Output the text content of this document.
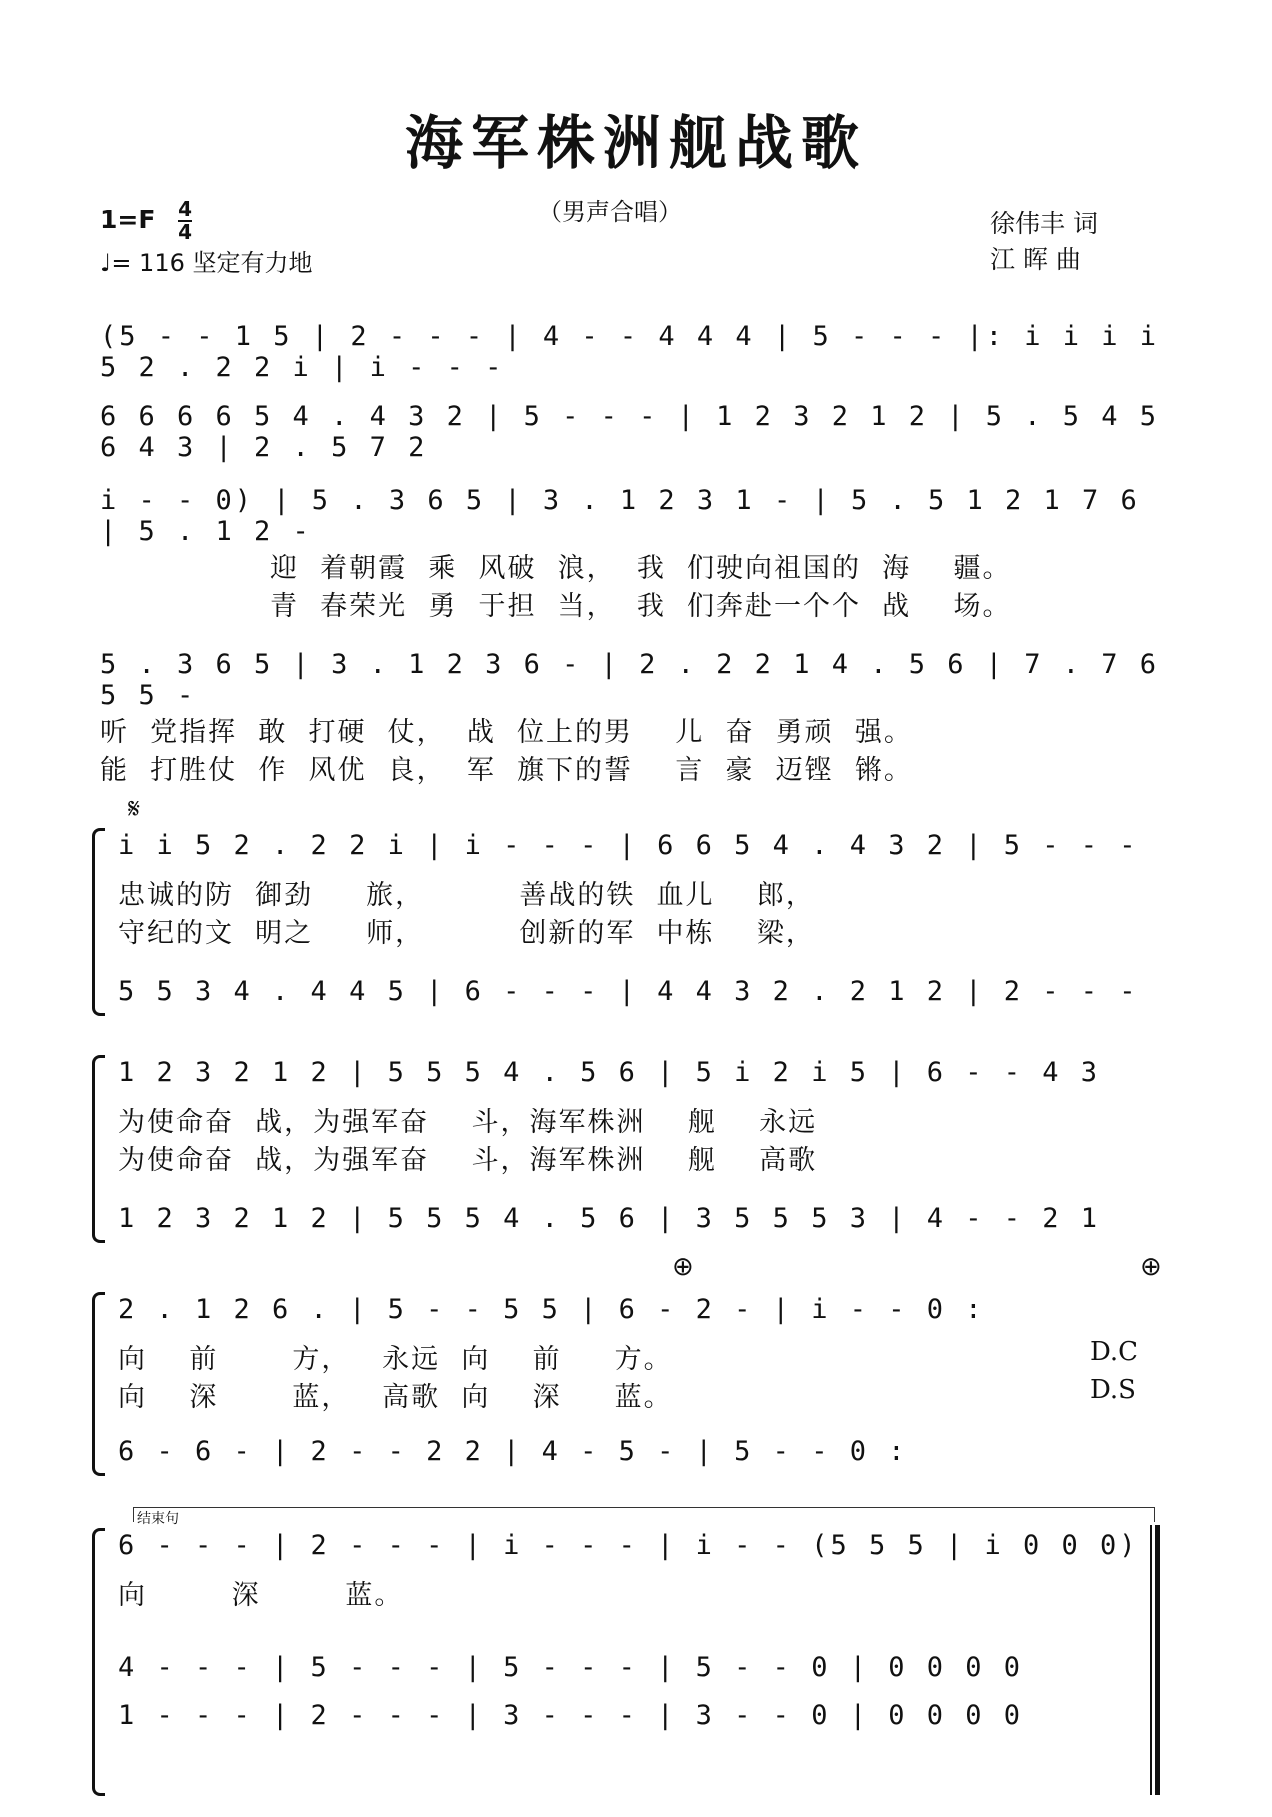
海军株洲舰战歌
（男声合唱）
$1=F \frac{4}{4}$
♩= 116 坚定有力地
徐伟丰 词
江 晖 曲
(5 - - 1 5 | 2 - - - | 4 - - 4 4 4 | 5 - - - |: i i i i 5 2 . 2 2 i | i - - -
6 6 6 6 5 4 . 4 3 2 | 5 - - - | 1 2 3 2 1 2 | 5 . 5 4 5 6 4 3 | 2 . 5 7 2
i - - 0) | 5 . 3 6 5 | 3 . 1 2 3 1 - | 5 . 5 1 2 1 7 6 | 5 . 1 2 -
迎  着朝霞  乘  风破  浪，  我  们驶向祖国的  海    疆。
青  春荣光  勇  于担  当，  我  们奔赴一个个  战    场。
5 . 3 6 5 | 3 . 1 2 3 6 - | 2 . 2 2 1 4 . 5 6 | 7 . 7 6 5 5 -
听  党指挥  敢  打硬  仗，  战  位上的男    儿  奋  勇顽  强。
能  打胜仗  作  风优  良，  军  旗下的誓    言  豪  迈铿  锵。
𝄋
i i 5 2 . 2 2 i | i - - - | 6 6 5 4 . 4 3 2 | 5 - - -
忠诚的防  御劲     旅，         善战的铁  血儿    郎，
守纪的文  明之     师，         创新的军  中栋    梁，
5 5 3 4 . 4 4 5 | 6 - - - | 4 4 3 2 . 2 1 2 | 2 - - -
1 2 3 2 1 2 | 5 5 5 4 . 5 6 | 5 i 2 i 5 | 6 - - 4 3
为使命奋  战，为强军奋    斗，海军株洲    舰    永远
为使命奋  战，为强军奋    斗，海军株洲    舰    高歌
1 2 3 2 1 2 | 5 5 5 4 . 5 6 | 3 5 5 5 3 | 4 - - 2 1
⊕	⊕
2 . 1 2 6 . | 5 - - 5 5 | 6 - 2 - | i - - 0 :
向    前       方，   永远  向    前     方。
向    深       蓝，   高歌  向    深     蓝。
6 - 6 - | 2 - - 2 2 | 4 - 5 - | 5 - - 0 :
D.C
D.S
结束句
6 - - - | 2 - - - | i - - - | i - - (5 5 5 | i 0 0 0)
向        深        蓝。
4 - - - | 5 - - - | 5 - - - | 5 - - 0 | 0 0 0 0
1 - - - | 2 - - - | 3 - - - | 3 - - 0 | 0 0 0 0
